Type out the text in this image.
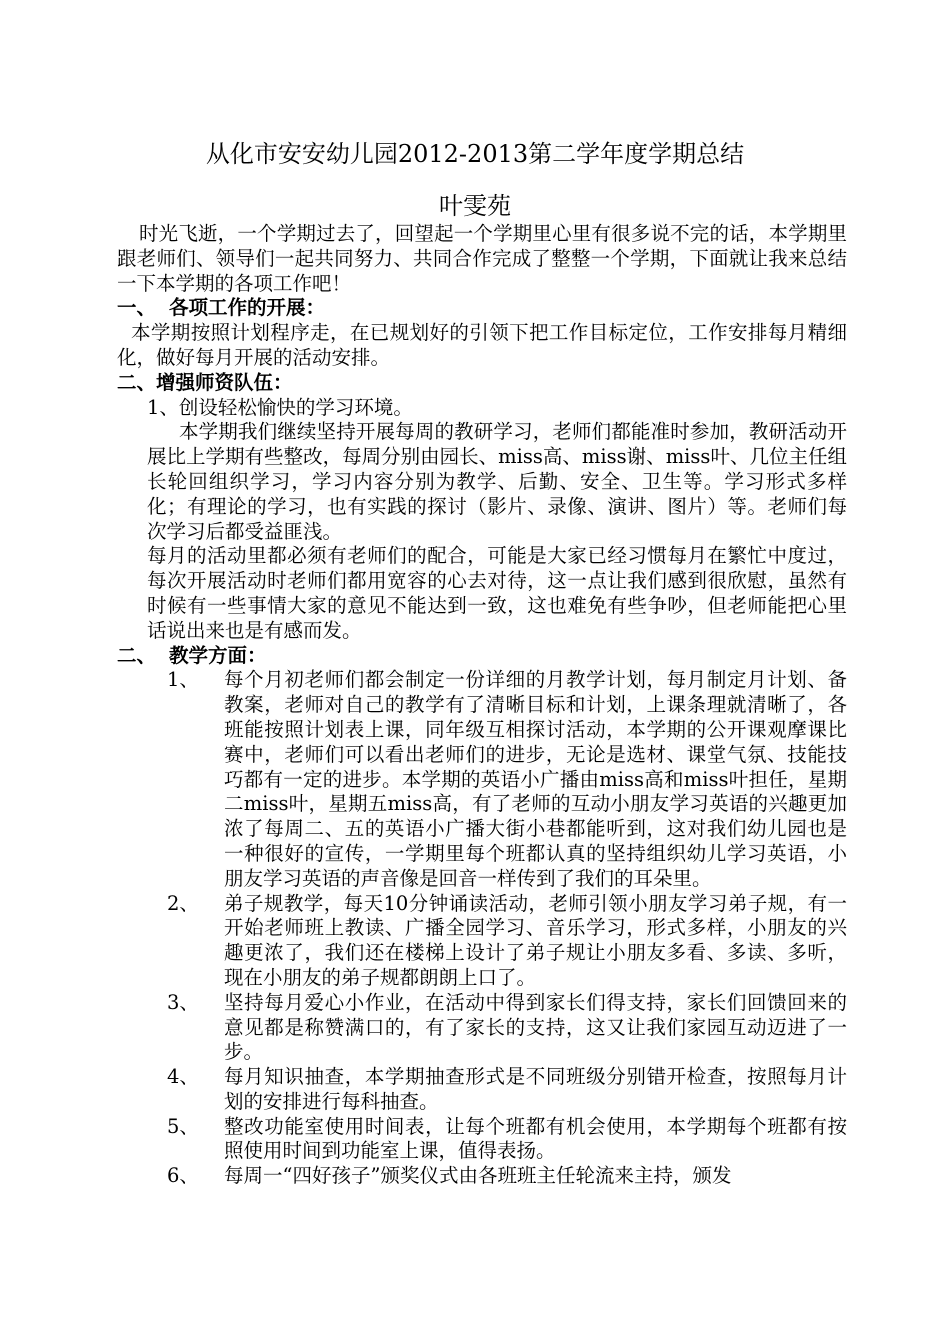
从化市安安幼儿园2012-2013第二学年度学期总结
叶雯苑

时光飞逝，一个学期过去了，回望起一个学期里心里有很多说不完的话，本学期里跟老师们、领导们一起共同努力、共同合作完成了整整一个学期，下面就让我来总结一下本学期的各项工作吧！

一、 各项工作的开展：

本学期按照计划程序走，在已规划好的引领下把工作目标定位，工作安排每月精细化，做好每月开展的活动安排。

二、增强师资队伍：

1、创设轻松愉快的学习环境。

本学期我们继续坚持开展每周的教研学习，老师们都能准时参加，教研活动开展比上学期有些整改，每周分别由园长、miss高、miss谢、miss叶、几位主任组长轮回组织学习，学习内容分别为教学、后勤、安全、卫生等。学习形式多样化；有理论的学习，也有实践的探讨（影片、录像、演讲、图片）等。老师们每次学习后都受益匪浅。

每月的活动里都必须有老师们的配合，可能是大家已经习惯每月在繁忙中度过，每次开展活动时老师们都用宽容的心去对待，这一点让我们感到很欣慰，虽然有时候有一些事情大家的意见不能达到一致，这也难免有些争吵，但老师能把心里话说出来也是有感而发。

二、 教学方面：

1、	每个月初老师们都会制定一份详细的月教学计划，每月制定月计划、备教案，老师对自己的教学有了清晰目标和计划，上课条理就清晰了，各班能按照计划表上课，同年级互相探讨活动，本学期的公开课观摩课比赛中，老师们可以看出老师们的进步，无论是选材、课堂气氛、技能技巧都有一定的进步。本学期的英语小广播由miss高和miss叶担任，星期二miss叶，星期五miss高，有了老师的互动小朋友学习英语的兴趣更加浓了每周二、五的英语小广播大街小巷都能听到，这对我们幼儿园也是一种很好的宣传，一学期里每个班都认真的坚持组织幼儿学习英语，小朋友学习英语的声音像是回音一样传到了我们的耳朵里。
2、	弟子规教学，每天10分钟诵读活动，老师引领小朋友学习弟子规，有一开始老师班上教读、广播全园学习、音乐学习，形式多样，小朋友的兴趣更浓了，我们还在楼梯上设计了弟子规让小朋友多看、多读、多听，现在小朋友的弟子规都朗朗上口了。
3、	坚持每月爱心小作业，在活动中得到家长们得支持，家长们回馈回来的意见都是称赞满口的，有了家长的支持，这又让我们家园互动迈进了一步。
4、	每月知识抽查，本学期抽查形式是不同班级分别错开检查，按照每月计划的安排进行每科抽查。
5、	整改功能室使用时间表，让每个班都有机会使用，本学期每个班都有按照使用时间到功能室上课，值得表扬。
6、	每周一“四好孩子”颁奖仪式由各班班主任轮流来主持，颁发
